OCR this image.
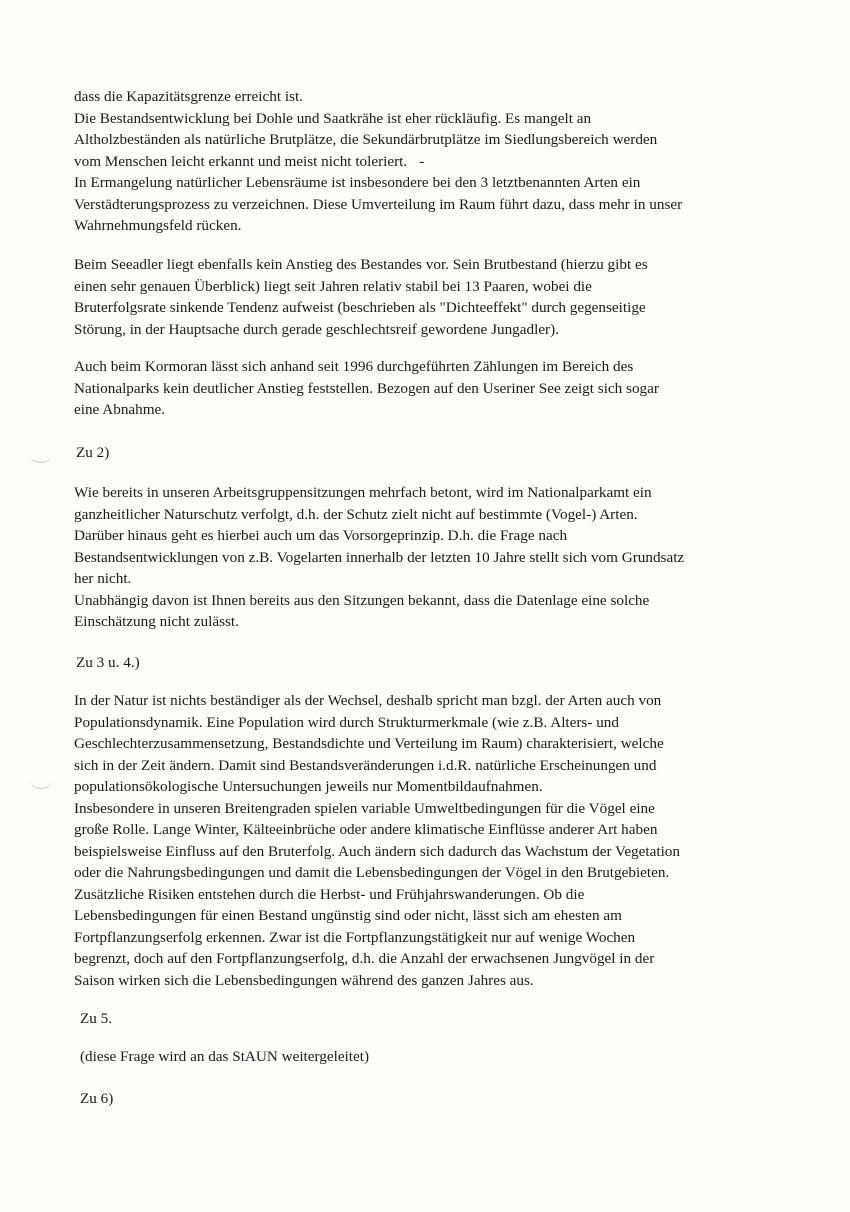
dass die Kapazitätsgrenze erreicht ist.
Die Bestandsentwicklung bei Dohle und Saatkrähe ist eher rückläufig. Es mangelt an
Altholzbeständen als natürliche Brutplätze, die Sekundärbrutplätze im Siedlungsbereich werden
vom Menschen leicht erkannt und meist nicht toleriert. -
In Ermangelung natürlicher Lebensräume ist insbesondere bei den 3 letztbenannten Arten ein
Verstädterungsprozess zu verzeichnen. Diese Umverteilung im Raum führt dazu, dass mehr in unser
Wahrnehmungsfeld rücken.
Beim Seeadler liegt ebenfalls kein Anstieg des Bestandes vor. Sein Brutbestand (hierzu gibt es
einen sehr genauen Überblick) liegt seit Jahren relativ stabil bei 13 Paaren, wobei die
Bruterfolgsrate sinkende Tendenz aufweist (beschrieben als "Dichteeffekt" durch gegenseitige
Störung, in der Hauptsache durch gerade geschlechtsreif gewordene Jungadler).
Auch beim Kormoran lässt sich anhand seit 1996 durchgeführten Zählungen im Bereich des
Nationalparks kein deutlicher Anstieg feststellen. Bezogen auf den Useriner See zeigt sich sogar
eine Abnahme.
Zu 2)
Wie bereits in unseren Arbeitsgruppensitzungen mehrfach betont, wird im Nationalparkamt ein
ganzheitlicher Naturschutz verfolgt, d.h. der Schutz zielt nicht auf bestimmte (Vogel-) Arten.
Darüber hinaus geht es hierbei auch um das Vorsorgeprinzip. D.h. die Frage nach
Bestandsentwicklungen von z.B. Vogelarten innerhalb der letzten 10 Jahre stellt sich vom Grundsatz
her nicht.
Unabhängig davon ist Ihnen bereits aus den Sitzungen bekannt, dass die Datenlage eine solche
Einschätzung nicht zulässt.
Zu 3 u. 4.)
In der Natur ist nichts beständiger als der Wechsel, deshalb spricht man bzgl. der Arten auch von
Populationsdynamik. Eine Population wird durch Strukturmerkmale (wie z.B. Alters- und
Geschlechterzusammensetzung, Bestandsdichte und Verteilung im Raum) charakterisiert, welche
sich in der Zeit ändern. Damit sind Bestandsveränderungen i.d.R. natürliche Erscheinungen und
populationsökologische Untersuchungen jeweils nur Momentbildaufnahmen.
Insbesondere in unseren Breitengraden spielen variable Umweltbedingungen für die Vögel eine
große Rolle. Lange Winter, Kälteeinbrüche oder andere klimatische Einflüsse anderer Art haben
beispielsweise Einfluss auf den Bruterfolg. Auch ändern sich dadurch das Wachstum der Vegetation
oder die Nahrungsbedingungen und damit die Lebensbedingungen der Vögel in den Brutgebieten.
Zusätzliche Risiken entstehen durch die Herbst- und Frühjahrswanderungen. Ob die
Lebensbedingungen für einen Bestand ungünstig sind oder nicht, lässt sich am ehesten am
Fortpflanzungserfolg erkennen. Zwar ist die Fortpflanzungstätigkeit nur auf wenige Wochen
begrenzt, doch auf den Fortpflanzungserfolg, d.h. die Anzahl der erwachsenen Jungvögel in der
Saison wirken sich die Lebensbedingungen während des ganzen Jahres aus.
Zu 5.
(diese Frage wird an das StAUN weitergeleitet)
Zu 6)
